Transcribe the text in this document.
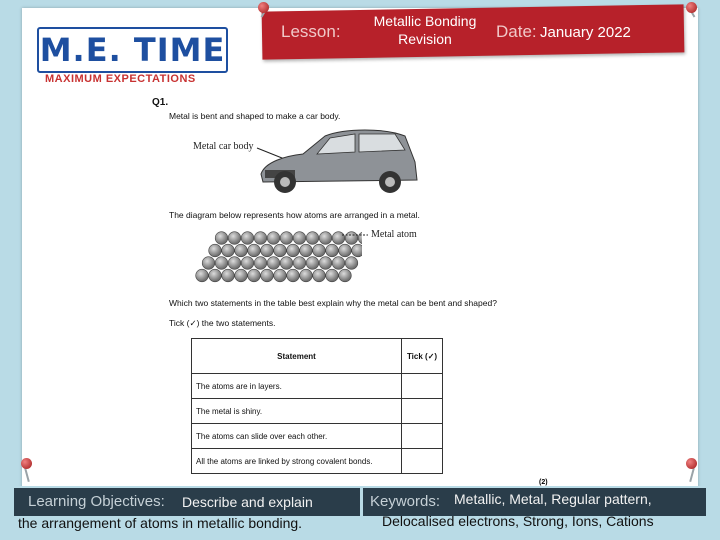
M.E. TIME
MAXIMUM EXPECTATIONS
Lesson:
Metallic Bonding Revision	Date: January 2022
Q1.
Metal is bent and shaped to make a car body.
Metal car body
The diagram below represents how atoms are arranged in a metal.
Metal atom
Which two statements in the table best explain why the metal can be bent and shaped?
Tick (✓) the two statements.
Statement	Tick (✓)
The atoms are in layers.	
The metal is shiny.	
The atoms can slide over each other.	
All the atoms are linked by strong covalent bonds.	
(2)
Learning Objectives: Describe and explain
the arrangement of atoms in metallic bonding.
Keywords: Metallic, Metal, Regular pattern,
Delocalised electrons, Strong, Ions, Cations
